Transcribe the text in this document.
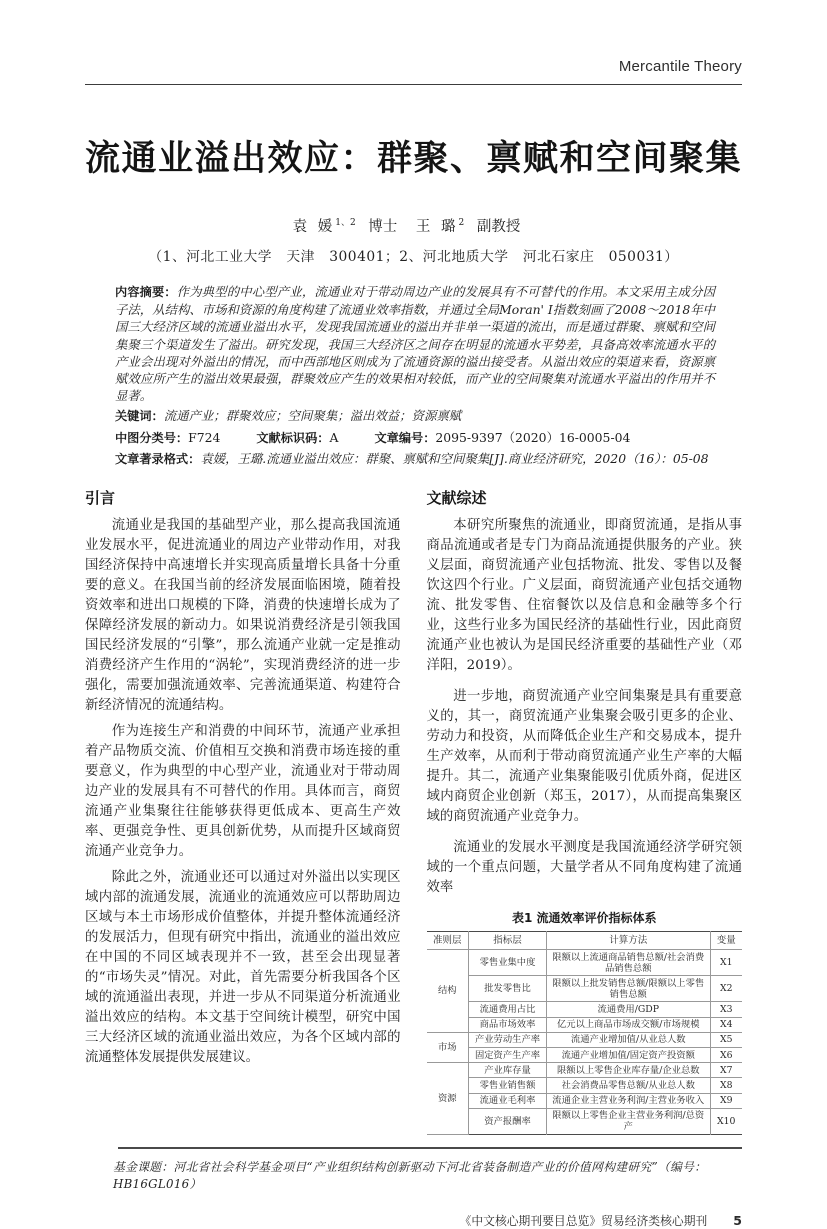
Mercantile Theory
流通业溢出效应：群聚、禀赋和空间聚集
袁 媛$^{1、2}$ 博士 王 璐$^2$ 副教授
（1、河北工业大学　天津　300401；2、河北地质大学　河北石家庄　050031）

内容摘要：作为典型的中心型产业，流通业对于带动周边产业的发展具有不可替代的作用。本文采用主成分因子法，从结构、市场和资源的角度构建了流通业效率指数，并通过全局Moran' I指数刻画了2008～2018年中国三大经济区域的流通业溢出水平，发现我国流通业的溢出并非单一渠道的流出，而是通过群聚、禀赋和空间集聚三个渠道发生了溢出。研究发现，我国三大经济区之间存在明显的流通水平势差，具备高效率流通水平的产业会出现对外溢出的情况，而中西部地区则成为了流通资源的溢出接受者。从溢出效应的渠道来看，资源禀赋效应所产生的溢出效果最强，群聚效应产生的效果相对较低，而产业的空间聚集对流通水平溢出的作用并不显著。

关键词：流通产业；群聚效应；空间聚集；溢出效益；资源禀赋

中图分类号：F724	文献标识码：A	文章编号：2095-9397（2020）16-0005-04

文章著录格式：袁媛，王璐.流通业溢出效应：群聚、禀赋和空间聚集[J].商业经济研究，2020（16）：05-08

引言

流通业是我国的基础型产业，那么提高我国流通业发展水平，促进流通业的周边产业带动作用，对我国经济保持中高速增长并实现高质量增长具备十分重要的意义。在我国当前的经济发展面临困境，随着投资效率和进出口规模的下降，消费的快速增长成为了保障经济发展的新动力。如果说消费经济是引领我国国民经济发展的“引擎”，那么流通产业就一定是推动消费经济产生作用的“涡轮”，实现消费经济的进一步强化，需要加强流通效率、完善流通渠道、构建符合新经济情况的流通结构。

作为连接生产和消费的中间环节，流通产业承担着产品物质交流、价值相互交换和消费市场连接的重要意义，作为典型的中心型产业，流通业对于带动周边产业的发展具有不可替代的作用。具体而言，商贸流通产业集聚往往能够获得更低成本、更高生产效率、更强竞争性、更具创新优势，从而提升区域商贸流通产业竞争力。

除此之外，流通业还可以通过对外溢出以实现区域内部的流通发展，流通业的流通效应可以帮助周边区域与本土市场形成价值整体，并提升整体流通经济的发展活力，但现有研究中指出，流通业的溢出效应在中国的不同区域表现并不一致，甚至会出现显著的“市场失灵”情况。对此，首先需要分析我国各个区域的流通溢出表现，并进一步从不同渠道分析流通业溢出效应的结构。本文基于空间统计模型，研究中国三大经济区域的流通业溢出效应，为各个区域内部的流通整体发展提供发展建议。

文献综述

本研究所聚焦的流通业，即商贸流通，是指从事商品流通或者是专门为商品流通提供服务的产业。狭义层面，商贸流通产业包括物流、批发、零售以及餐饮这四个行业。广义层面，商贸流通产业包括交通物流、批发零售、住宿餐饮以及信息和金融等多个行业，这些行业多为国民经济的基础性行业，因此商贸流通产业也被认为是国民经济重要的基础性产业（邓洋阳，2019）。

进一步地，商贸流通产业空间集聚是具有重要意义的，其一，商贸流通产业集聚会吸引更多的企业、劳动力和投资，从而降低企业生产和交易成本，提升生产效率，从而利于带动商贸流通产业生产率的大幅提升。其二，流通产业集聚能吸引优质外商，促进区域内商贸企业创新（郑玉，2017），从而提高集聚区域的商贸流通产业竞争力。

流通业的发展水平测度是我国流通经济学研究领域的一个重点问题，大量学者从不同角度构建了流通效率

表1 流通效率评价指标体系
准则层	指标层	计算方法	变量
结构	零售业集中度	限额以上流通商品销售总额/社会消费品销售总额	X1
	批发零售比	限额以上批发销售总额/限额以上零售销售总额	X2
	流通费用占比	流通费用/GDP	X3
	商品市场效率	亿元以上商品市场成交额/市场规模	X4
市场	产业劳动生产率	流通产业增加值/从业总人数	X5
	固定资产生产率	流通产业增加值/固定资产投资额	X6
资源	产业库存量	限额以上零售企业库存量/企业总数	X7
	零售业销售额	社会消费品零售总额/从业总人数	X8
	流通业毛利率	流通企业主营业务利润/主营业务收入	X9
	资产报酬率	限额以上零售企业主营业务利润/总资产	X10
基金课题：河北省社会科学基金项目“产业组织结构创新驱动下河北省装备制造产业的价值网构建研究”（编号：HB16GL016）
《中文核心期刊要目总览》贸易经济类核心期刊 5
